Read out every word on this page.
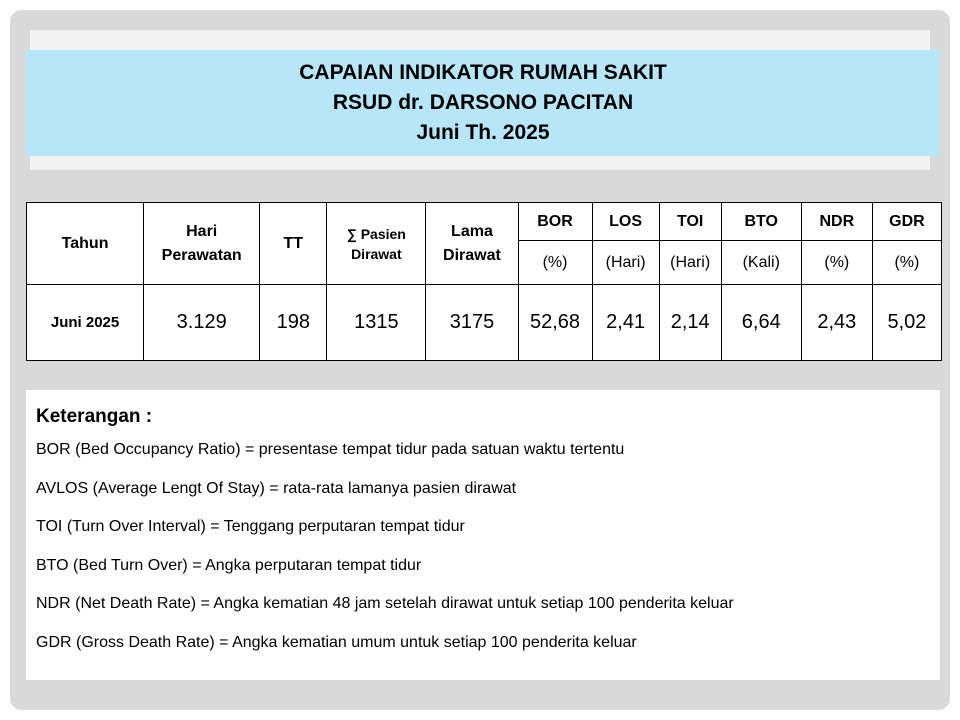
CAPAIAN INDIKATOR RUMAH SAKIT
RSUD dr. DARSONO PACITAN
Juni Th. 2025
Tahun	Hari Perawatan	TT	∑ Pasien Dirawat	Lama Dirawat	BOR	LOS	TOI	BTO	NDR	GDR
					(%)	(Hari)	(Hari)	(Kali)	(%)	(%)
Juni 2025	3.129	198	1315	3175	52,68	2,41	2,14	6,64	2,43	5,02
Keterangan :
BOR (Bed Occupancy Ratio) = presentase tempat tidur pada satuan waktu tertentu
AVLOS (Average Lengt Of Stay) = rata-rata lamanya pasien dirawat
TOI (Turn Over Interval) = Tenggang perputaran tempat tidur
BTO (Bed Turn Over) = Angka perputaran tempat tidur
NDR (Net Death Rate) = Angka kematian 48 jam setelah dirawat untuk setiap 100 penderita keluar
GDR (Gross Death Rate) = Angka kematian umum untuk setiap 100 penderita keluar
